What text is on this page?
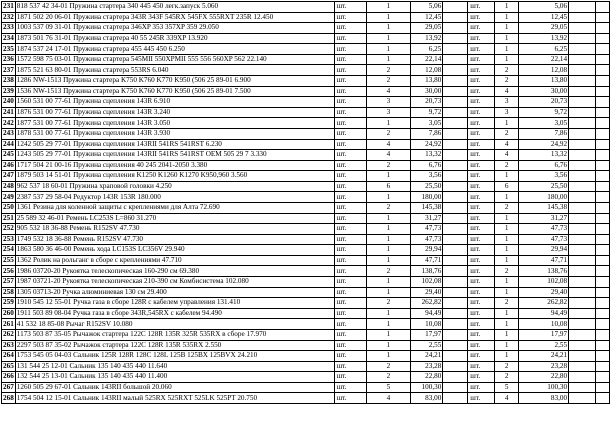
231	818 537 42 34-01 Пружина стартера 340 445 450 легк.запуск 5.060	шт.	1	5,06		шт.	1	5,06		
232	1871 502 20 06-01 Пружина стартера 343R 343F 545RX 545FX 555RXT 235R 12.450	шт.	1	12,45		шт.	1	12,45		
233	1003 537 09 31-01 Пружина стартера 346XP 353 357XP 359 29.050	шт.	1	29,05		шт.	1	29,05		
234	1873 501 76 31-01 Пружина стартера 40 55 245R 339XP 13.920	шт.	1	13,92		шт.	1	13,92		
235	1874 537 24 17-01 Пружина стартера 455 445 450 6.250	шт.	1	6,25		шт.	1	6,25		
236	1572 598 75 03-01 Пружина стартера 545МII 550XPМII 555 556 560XP 562 22.140	шт.	1	22,14		шт.	1	22,14		
237	1875 521 63 80-01 Пружина стартера 553RS 6.040	шт.	2	12,08		шт.	2	12,08		
238	1286 NW-1513 Пружина стартера K750 K760 K770 K950 (506 25 89-01 6.900	шт.	2	13,80		шт.	2	13,80		
239	1536 NW-1513 Пружина стартера K750 K760 K770 K950 (506 25 89-01 7.500	шт.	4	30,00		шт.	4	30,00		
240	1560 531 00 77-61 Пружина сцепления 143R 6.910	шт.	3	20,73		шт.	3	20,73		
241	1876 531 00 77-61 Пружина сцепления 143R 3.240	шт.	3	9,72		шт.	3	9,72		
242	1877 531 00 77-61 Пружина сцепления 143R 3.050	шт.	1	3,05		шт.	1	3,05		
243	1878 531 00 77-61 Пружина сцепления 143R 3.930	шт.	2	7,86		шт.	2	7,86		
244	1242 505 29 77-01 Пружина сцепления 143RII 541RS 541RST 6.230	шт.	4	24,92		шт.	4	24,92		
245	1243 505 29 77-01 Пружина сцепления 143RII 541RS 541RST OEM 505 29 7 3.330	шт.	4	13,32		шт.	4	13,32		
246	1717 504 21 00-16 Пружина сцепления 40 245 2041-2050 3.380	шт.	2	6,76		шт.	2	6,76		
247	1879 503 14 51-01 Пружина сцепления K1250 K1260 K1270 K950,960 3.560	шт.	1	3,56		шт.	1	3,56		
248	962 537 18 60-01 Пружина храповой головки 4.250	шт.	6	25,50		шт.	6	25,50		
249	2387 537 29 58-04 Редуктор 143R 153R 180.000	шт.	1	180,00		шт.	1	180,00		
250	1361 Резина для коленной защиты с креплениями для Алта 72.690	шт.	2	145,38		шт.	2	145,38		
251	25 589 32 46-01 Ремень LC253S L=860 31.270	шт.	1	31,27		шт.	1	31,27		
252	905 532 18 36-88 Ремень R152SV 47.730	шт.	1	47,73		шт.	1	47,73		
253	1749 532 18 36-88 Ремень R152SV 47.730	шт.	1	47,73		шт.	1	47,73		
254	1863 580 36 46-00 Ремень хода LC153S LC356V 29.940	шт.	1	29,94		шт.	1	29,94		
255	1362 Ролик на рольганг в сборе с креплениями 47.710	шт.	1	47,71		шт.	1	47,71		
256	1986 03720-20 Рукоятка телескопическая 160-290 см 69.380	шт.	2	138,76		шт.	2	138,76		
257	1987 03721-20 Рукоятка телескопическая 210-390 см Комбисистема 102.080	шт.	1	102,08		шт.	1	102,08		
258	1305 03713-20 Ручка алюминиевая 130 см 29.400	шт.	1	29,40		шт.	1	29,40		
259	1910 545 12 55-01 Ручка газа в сборе 128R с кабелем управления 131.410	шт.	2	262,82		шт.	2	262,82		
260	1911 503 89 08-04 Ручка газа в сборе 343R,545RX с кабелем 94.490	шт.	1	94,49		шт.	1	94,49		
261	41 532 18 85-08 Рычаг R152SV 10.080	шт.	1	10,08		шт.	1	10,08		
262	1173 503 87 35-05 Рычажок стартера 122C 128R 135R 325R 535RX в сборе 17.970	шт.	1	17,97		шт.	1	17,97		
263	2297 503 87 35-02 Рычажок стартера 122C 128R 135R 535RX 2.550	шт.	1	2,55		шт.	1	2,55		
264	1753 545 05 04-03 Сальник 125R 128R 128C 128L 125B 125BX 125BVX 24.210	шт.	1	24,21		шт.	1	24,21		
265	131 544 25 12-01 Сальник 135 140 435 440 11.640	шт.	2	23,28		шт.	2	23,28		
266	132 544 25 13-01 Сальник 135 140 435 440 11.400	шт.	2	22,80		шт.	2	22,80		
267	1260 505 29 67-01 Сальник 143RII большой 20.060	шт.	5	100,30		шт.	5	100,30		
268	1754 504 12 15-01 Сальник 143RII малый 525RX 525RXT 525LK 525PT 20.750	шт.	4	83,00		шт.	4	83,00		
